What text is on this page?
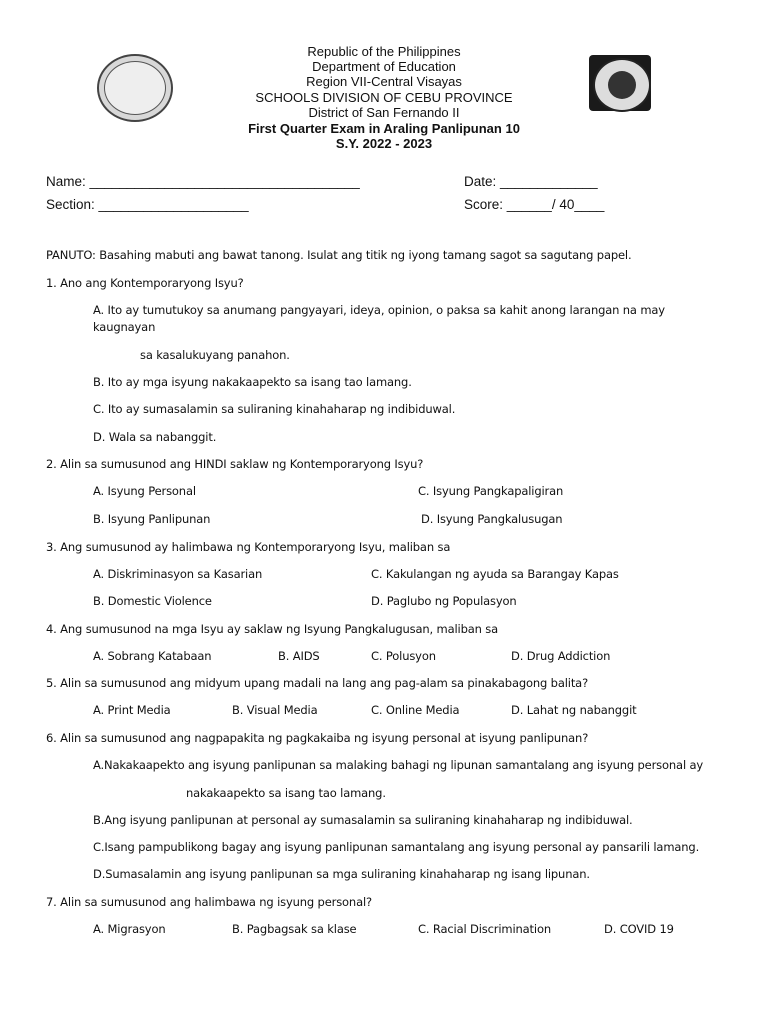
Republic of the Philippines
Department of Education
Region VII-Central Visayas
SCHOOLS DIVISION OF CEBU PROVINCE
District of San Fernando II
First Quarter Exam in Araling Panlipunan 10
S.Y. 2022 - 2023
Name: ____________________________________	Date: _____________
Section: ____________________	Score: ______/ 40____
PANUTO: Basahing mabuti ang bawat tanong. Isulat ang titik ng iyong tamang sagot sa sagutang papel.
1. Ano ang Kontemporaryong Isyu?
A. Ito ay tumutukoy sa anumang pangyayari, ideya, opinion, o paksa sa kahit anong larangan na may
kaugnayan
sa kasalukuyang panahon.
B. Ito ay mga isyung nakakaapekto sa isang tao lamang.
C. Ito ay sumasalamin sa suliraning kinahaharap ng indibiduwal.
D. Wala sa nabanggit.
2. Alin sa sumusunod ang HINDI saklaw ng Kontemporaryong Isyu?
A. Isyung Personal	C. Isyung Pangkapaligiran
B. Isyung Panlipunan	D. Isyung Pangkalusugan
3. Ang sumusunod ay halimbawa ng Kontemporaryong Isyu, maliban sa
A. Diskriminasyon sa Kasarian	C. Kakulangan ng ayuda sa Barangay Kapas
B. Domestic Violence	D. Paglubo ng Populasyon
4. Ang sumusunod na mga Isyu ay saklaw ng Isyung Pangkalugusan, maliban sa
A. Sobrang Katabaan	B. AIDS	C. Polusyon	D. Drug Addiction
5. Alin sa sumusunod ang midyum upang madali na lang ang pag-alam sa pinakabagong balita?
A. Print Media	B. Visual Media	C. Online Media	D. Lahat ng nabanggit
6. Alin sa sumusunod ang nagpapakita ng pagkakaiba ng isyung personal at isyung panlipunan?
A.Nakakaapekto ang isyung panlipunan sa malaking bahagi ng lipunan samantalang ang isyung personal ay
nakakaapekto sa isang tao lamang.
B.Ang isyung panlipunan at personal ay sumasalamin sa suliraning kinahaharap ng indibiduwal.
C.Isang pampublikong bagay ang isyung panlipunan samantalang ang isyung personal ay pansarili lamang.
D.Sumasalamin ang isyung panlipunan sa mga suliraning kinahaharap ng isang lipunan.
7. Alin sa sumusunod ang halimbawa ng isyung personal?
A. Migrasyon	B. Pagbagsak sa klase	C. Racial Discrimination	D. COVID 19
